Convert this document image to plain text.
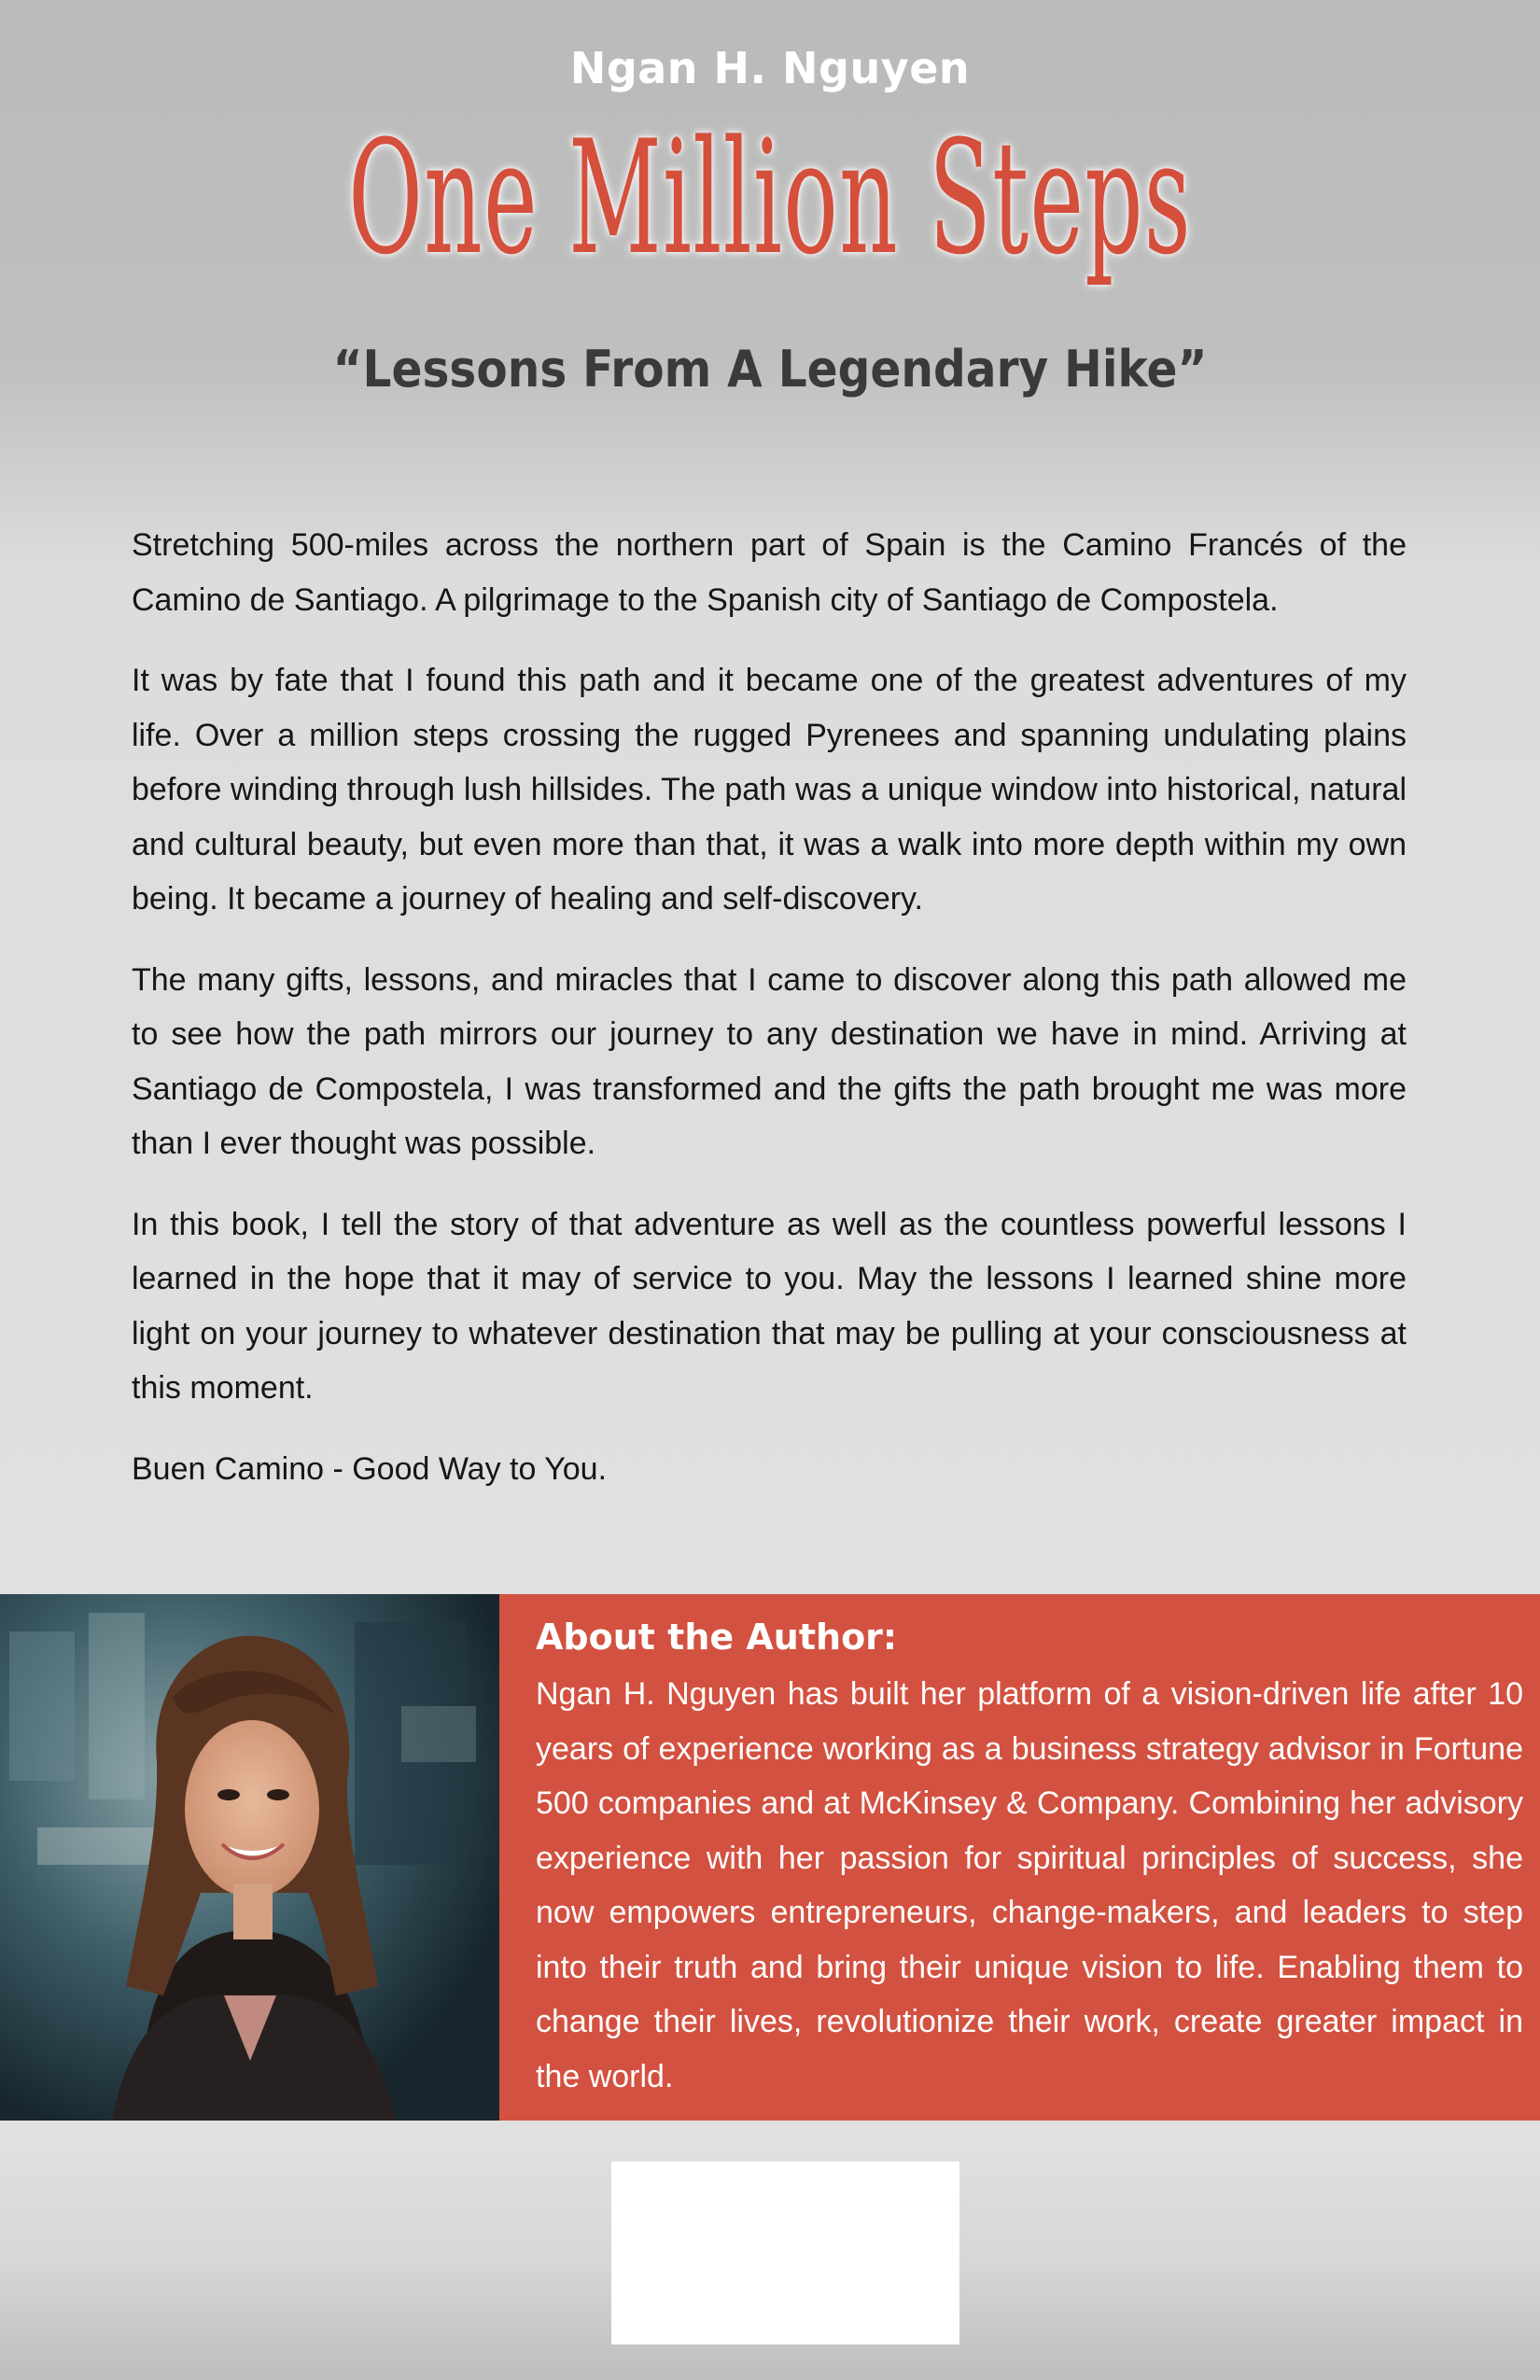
Ngan H. Nguyen
One Million Steps
“Lessons From A Legendary Hike”

Stretching 500-miles across the northern part of Spain is the Camino Francés of the Camino de Santiago. A pilgrimage to the Spanish city of Santiago de Compostela.

It was by fate that I found this path and it became one of the greatest adventures of my life. Over a million steps crossing the rugged Pyrenees and spanning undulating plains before winding through lush hillsides. The path was a unique window into historical, natural and cultural beauty, but even more than that, it was a walk into more depth within my own being. It became a journey of healing and self-discovery.

The many gifts, lessons, and miracles that I came to discover along this path allowed me to see how the path mirrors our journey to any destination we have in mind. Arriving at Santiago de Compostela, I was transformed and the gifts the path brought me was more than I ever thought was possible.

In this book, I tell the story of that adventure as well as the countless powerful lessons I learned in the hope that it may of service to you. May the lessons I learned shine more light on your journey to whatever destination that may be pulling at your consciousness at this moment.

Buen Camino - Good Way to You.

About the Author:

Ngan H. Nguyen has built her platform of a vision-driven life after 10 years of experience working as a business strategy advisor in Fortune 500 companies and at McKinsey & Company. Combining her advisory experience with her passion for spiritual principles of success, she now empowers entrepreneurs, change-makers, and leaders to step into their truth and bring their unique vision to life. Enabling them to change their lives, revolutionize their work, create greater impact in the world.
